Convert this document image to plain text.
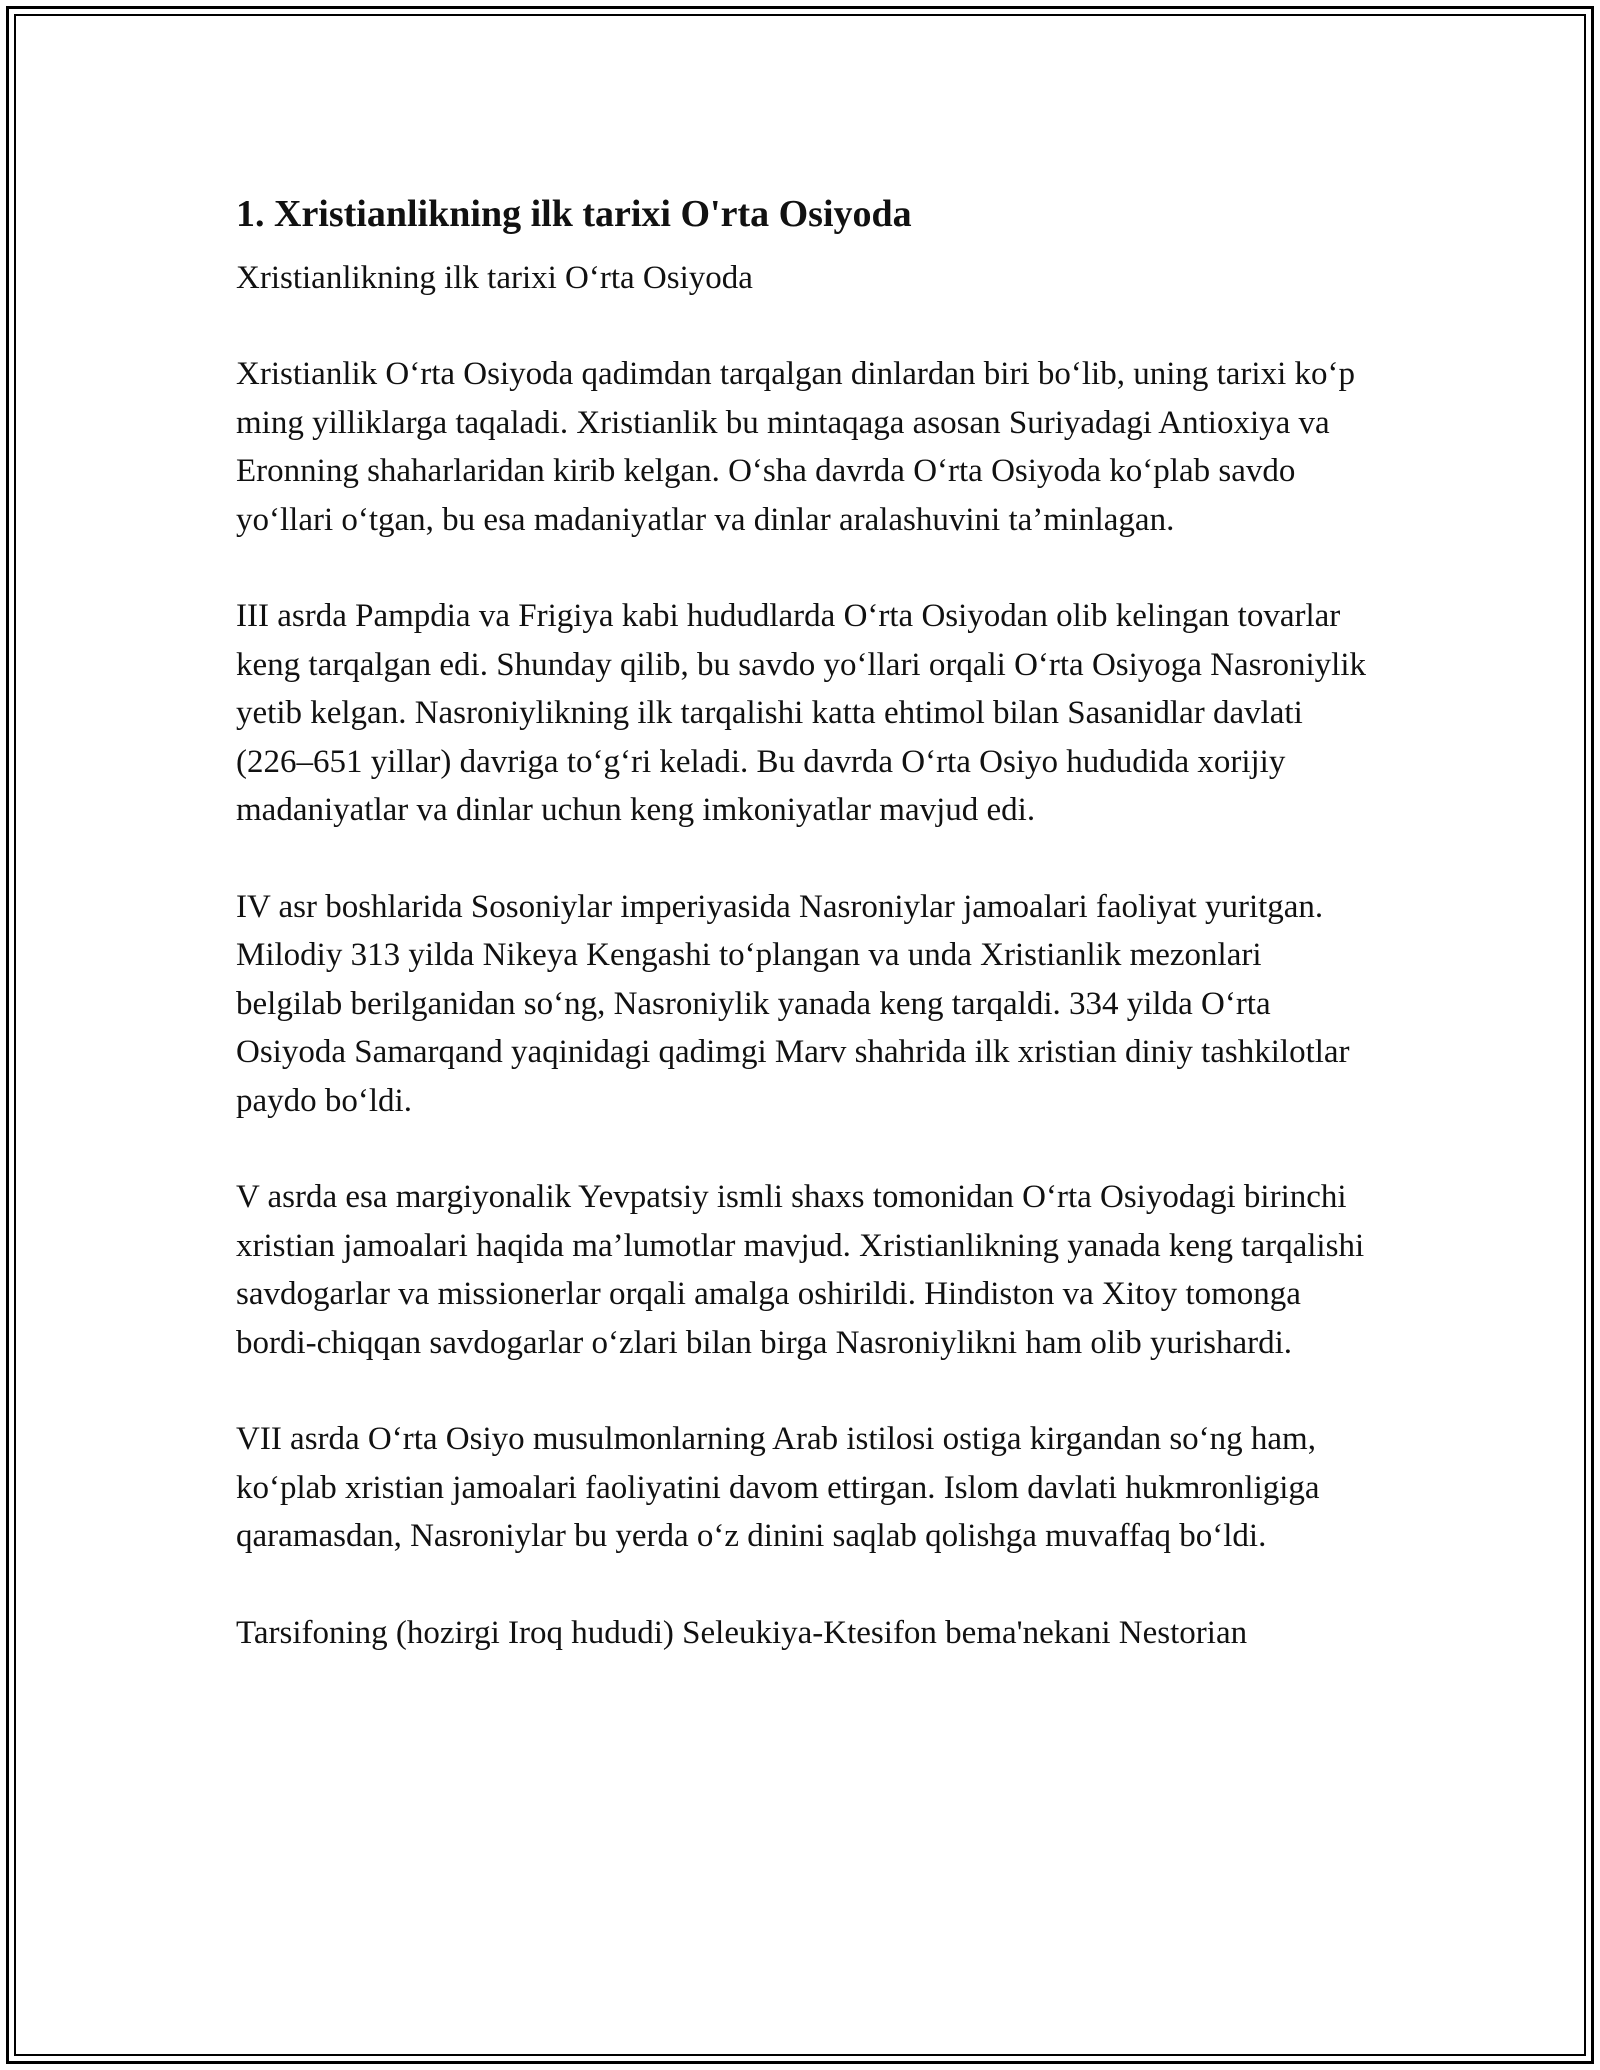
1. Xristianlikning ilk tarixi O'rta Osiyoda

Xristianlikning ilk tarixi O‘rta Osiyoda

Xristianlik O‘rta Osiyoda qadimdan tarqalgan dinlardan biri bo‘lib, uning tarixi ko‘p ming yilliklarga taqaladi. Xristianlik bu mintaqaga asosan Suriyadagi Antioxiya va Eronning shaharlaridan kirib kelgan. O‘sha davrda O‘rta Osiyoda ko‘plab savdo yo‘llari o‘tgan, bu esa madaniyatlar va dinlar aralashuvini ta’minlagan.

III asrda Pampdia va Frigiya kabi hududlarda O‘rta Osiyodan olib kelingan tovarlar keng tarqalgan edi. Shunday qilib, bu savdo yo‘llari orqali O‘rta Osiyoga Nasroniylik yetib kelgan. Nasroniylikning ilk tarqalishi katta ehtimol bilan Sasanidlar davlati (226–651 yillar) davriga to‘g‘ri keladi. Bu davrda O‘rta Osiyo hududida xorijiy madaniyatlar va dinlar uchun keng imkoniyatlar mavjud edi.

IV asr boshlarida Sosoniylar imperiyasida Nasroniylar jamoalari faoliyat yuritgan. Milodiy 313 yilda Nikeya Kengashi to‘plangan va unda Xristianlik mezonlari belgilab berilganidan so‘ng, Nasroniylik yanada keng tarqaldi. 334 yilda O‘rta Osiyoda Samarqand yaqinidagi qadimgi Marv shahrida ilk xristian diniy tashkilotlar paydo bo‘ldi.

V asrda esa margiyonalik Yevpatsiy ismli shaxs tomonidan O‘rta Osiyodagi birinchi xristian jamoalari haqida ma’lumotlar mavjud. Xristianlikning yanada keng tarqalishi savdogarlar va missionerlar orqali amalga oshirildi. Hindiston va Xitoy tomonga bordi-chiqqan savdogarlar o‘zlari bilan birga Nasroniylikni ham olib yurishardi.

VII asrda O‘rta Osiyo musulmonlarning Arab istilosi ostiga kirgandan so‘ng ham, ko‘plab xristian jamoalari faoliyatini davom ettirgan. Islom davlati hukmronligiga qaramasdan, Nasroniylar bu yerda o‘z dinini saqlab qolishga muvaffaq bo‘ldi.

Tarsifoning (hozirgi Iroq hududi) Seleukiya-Ktesifon bema'nekani Nestorian
